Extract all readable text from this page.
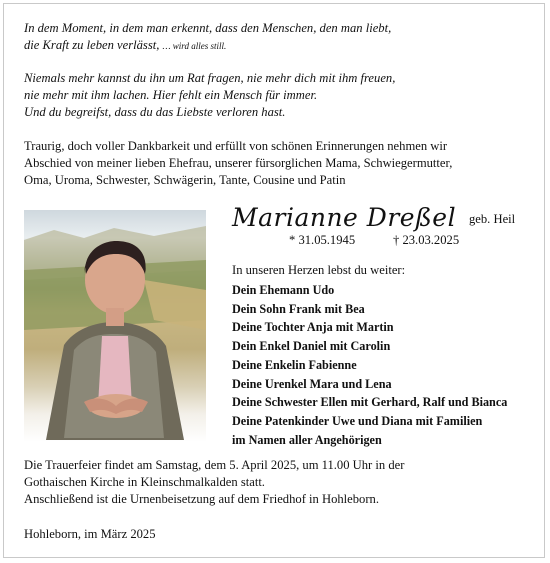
In dem Moment, in dem man erkennt, dass den Menschen, den man liebt,

die Kraft zu leben verlässt, … wird alles still.

Niemals mehr kannst du ihn um Rat fragen, nie mehr dich mit ihm freuen,

nie mehr mit ihm lachen. Hier fehlt ein Mensch für immer.

Und du begreifst, dass du das Liebste verloren hast.

Traurig, doch voller Dankbarkeit und erfüllt von schönen Erinnerungen nehmen wir
Abschied von meiner lieben Ehefrau, unserer fürsorglichen Mama, Schwiegermutter,
Oma, Uroma, Schwester, Schwägerin, Tante, Cousine und Patin
Marianne Dreßel geb. Heil
* 31.05.1945	† 23.03.2025
In unseren Herzen lebst du weiter:
Dein Ehemann Udo
Dein Sohn Frank mit Bea
Deine Tochter Anja mit Martin
Dein Enkel Daniel mit Carolin
Deine Enkelin Fabienne
Deine Urenkel Mara und Lena
Deine Schwester Ellen mit Gerhard, Ralf und Bianca
Deine Patenkinder Uwe und Diana mit Familien
im Namen aller Angehörigen
Die Trauerfeier findet am Samstag, dem 5. April 2025, um 11.00 Uhr in der
Gothaischen Kirche in Kleinschmalkalden statt.
Anschließend ist die Urnenbeisetzung auf dem Friedhof in Hohleborn.
Hohleborn, im März 2025
